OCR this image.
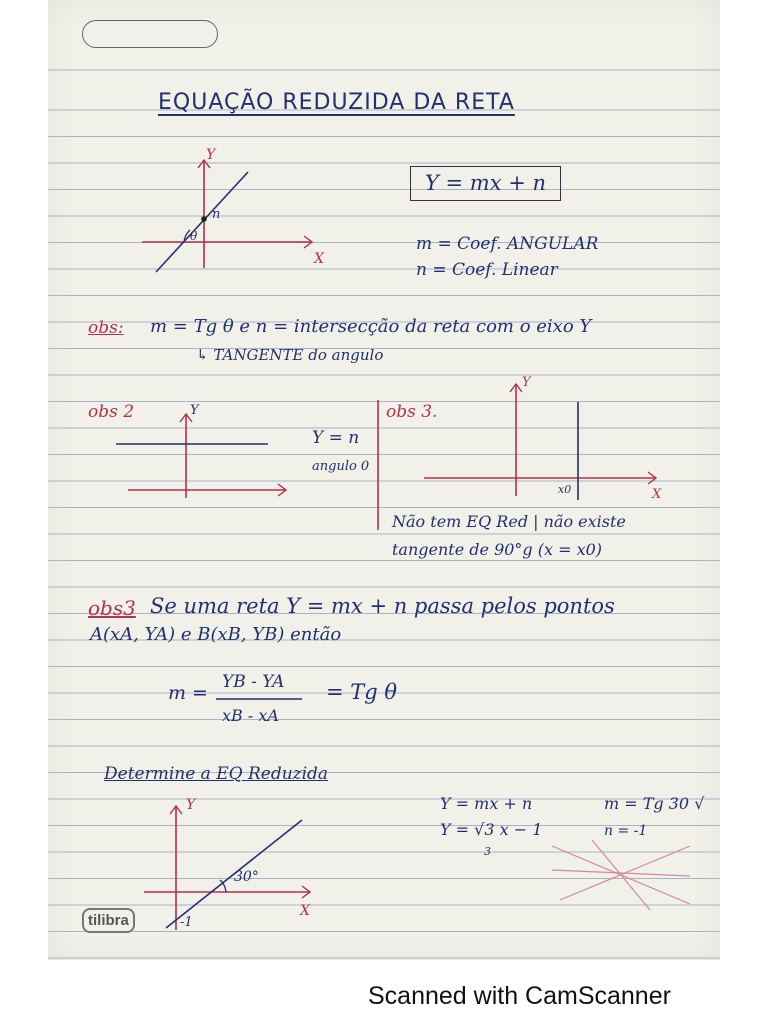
EQUAÇÃO REDUZIDA DA RETA
Y
X
n
θ
Y = mx + n
m = Coef. ANGULAR
n = Coef. Linear
obs: m = Tg θ e n = intersecção da reta com o eixo Y
↳ TANGENTE do angulo
obs 2	Y
Y = n
angulo 0
obs 3.
Y
X
x0
Não tem EQ Red | não existe
tangente de 90°g (x = x0)
obs3 Se uma reta Y = mx + n passa pelos pontos
A(xA, YA) e B(xB, YB) então
m = YB - YA
xB - xA
= Tg θ
Determine a EQ Reduzida
Y
X
30°
-1
Y = mx + n
Y = √3 x − 1
3
m = Tg 30 √
n = -1
tilibra
Scanned with CamScanner
